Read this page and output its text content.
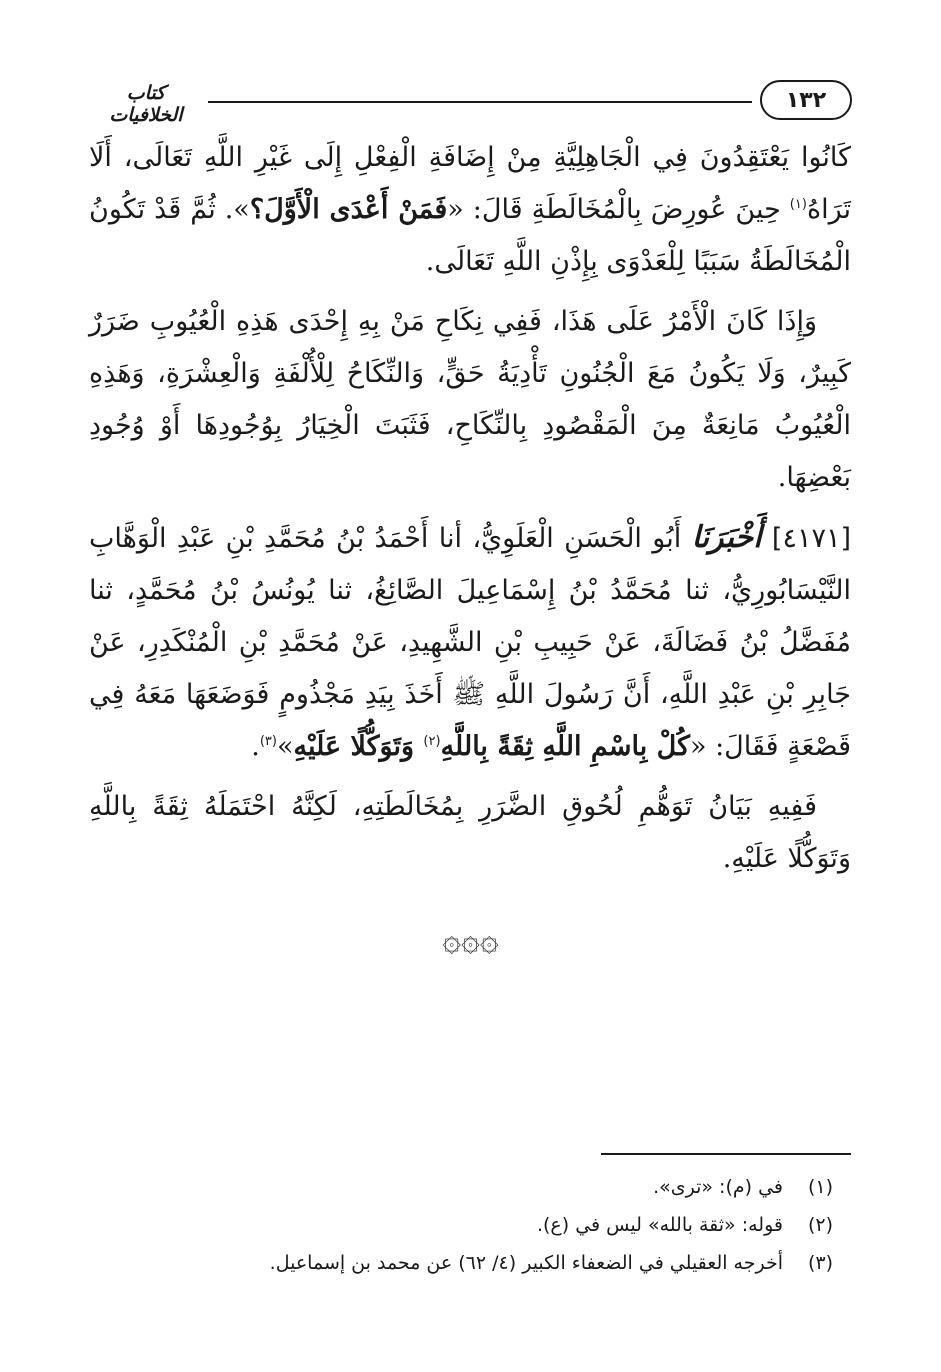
١٣٢
كتاب الخلافيات

كَانُوا يَعْتَقِدُونَ فِي الْجَاهِلِيَّةِ مِنْ إِضَافَةِ الْفِعْلِ إِلَى غَيْرِ اللَّهِ تَعَالَى، أَلَا تَرَاهُ$^{(١)}$ حِينَ عُورِضَ بِالْمُخَالَطَةِ قَالَ: «فَمَنْ أَعْدَى الْأَوَّلَ؟». ثُمَّ قَدْ تَكُونُ الْمُخَالَطَةُ سَبَبًا لِلْعَدْوَى بِإِذْنِ اللَّهِ تَعَالَى.

وَإِذَا كَانَ الْأَمْرُ عَلَى هَذَا، فَفِي نِكَاحِ مَنْ بِهِ إِحْدَى هَذِهِ الْعُيُوبِ ضَرَرٌ كَبِيرٌ، وَلَا يَكُونُ مَعَ الْجُنُونِ تَأْدِيَةُ حَقٍّ، وَالنِّكَاحُ لِلْأُلْفَةِ وَالْعِشْرَةِ، وَهَذِهِ الْعُيُوبُ مَانِعَةٌ مِنَ الْمَقْصُودِ بِالنِّكَاحِ، فَثَبَتَ الْخِيَارُ بِوُجُودِهَا أَوْ وُجُودِ بَعْضِهَا.

[٤١٧١] أَخْبَرَنَا أَبُو الْحَسَنِ الْعَلَوِيُّ، أنا أَحْمَدُ بْنُ مُحَمَّدِ بْنِ عَبْدِ الْوَهَّابِ النَّيْسَابُورِيُّ، ثنا مُحَمَّدُ بْنُ إِسْمَاعِيلَ الصَّائِغُ، ثنا يُونُسُ بْنُ مُحَمَّدٍ، ثنا مُفَضَّلُ بْنُ فَضَالَةَ، عَنْ حَبِيبِ بْنِ الشَّهِيدِ، عَنْ مُحَمَّدِ بْنِ الْمُنْكَدِرِ، عَنْ جَابِرِ بْنِ عَبْدِ اللَّهِ، أَنَّ رَسُولَ اللَّهِ ﷺ أَخَذَ بِيَدِ مَجْذُومٍ فَوَضَعَهَا مَعَهُ فِي قَصْعَةٍ فَقَالَ: «كُلْ بِاسْمِ اللَّهِ ثِقَةً بِاللَّهِ$^{(٢)}$ وَتَوَكُّلًا عَلَيْهِ»$^{(٣)}$.

فَفِيهِ بَيَانُ تَوَهُّمِ لُحُوقِ الضَّرَرِ بِمُخَالَطَتِهِ، لَكِنَّهُ احْتَمَلَهُ ثِقَةً بِاللَّهِ وَتَوَكُّلًا عَلَيْهِ.

۞۞۞
(١)
في (م): «ترى».
(٢)
قوله: «ثقة بالله» ليس في (ع).
(٣)
أخرجه العقيلي في الضعفاء الكبير (٤/ ٦٢) عن محمد بن إسماعيل.
